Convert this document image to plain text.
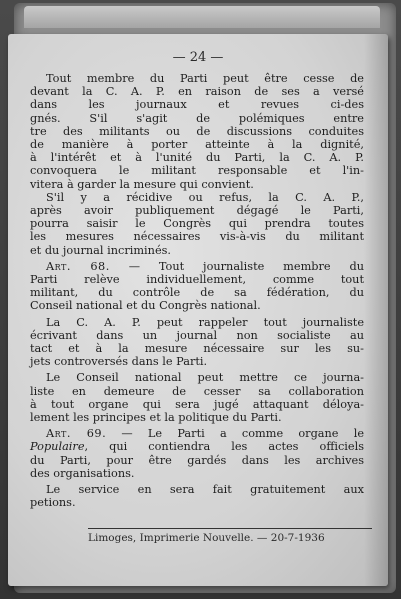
— 24 —
Tout membre du Parti peut être cesse de
devant la C. A. P. en raison de ses a versé
dans les journaux et revues ci-des
gnés. S'il s'agit de polémiques entre
tre des militants ou de discussions conduites
de manière à porter atteinte à la dignité,
à l'intérêt et à l'unité du Parti, la C. A. P.
convoquera le militant responsable et l'in-
vitera à garder la mesure qui convient.
S'il y a récidive ou refus, la C. A. P.,
après avoir publiquement dégagé le Parti,
pourra saisir le Congrès qui prendra toutes
les mesures nécessaires vis-à-vis du militant
et du journal incriminés.
Art. 68. — Tout journaliste membre du
Parti relève individuellement, comme tout
militant, du contrôle de sa fédération, du
Conseil national et du Congrès national.
La C. A. P. peut rappeler tout journaliste
écrivant dans un journal non socialiste au
tact et à la mesure nécessaire sur les su-
jets controversés dans le Parti.
Le Conseil national peut mettre ce journa-
liste en demeure de cesser sa collaboration
à tout organe qui sera jugé attaquant déloya-
lement les principes et la politique du Parti.
Art. 69. — Le Parti a comme organe le
Populaire, qui contiendra les actes officiels
du Parti, pour être gardés dans les archives
des organisations.
Le service en sera fait gratuitement aux
petions.
Limoges, Imprimerie Nouvelle. — 20-7-1936
